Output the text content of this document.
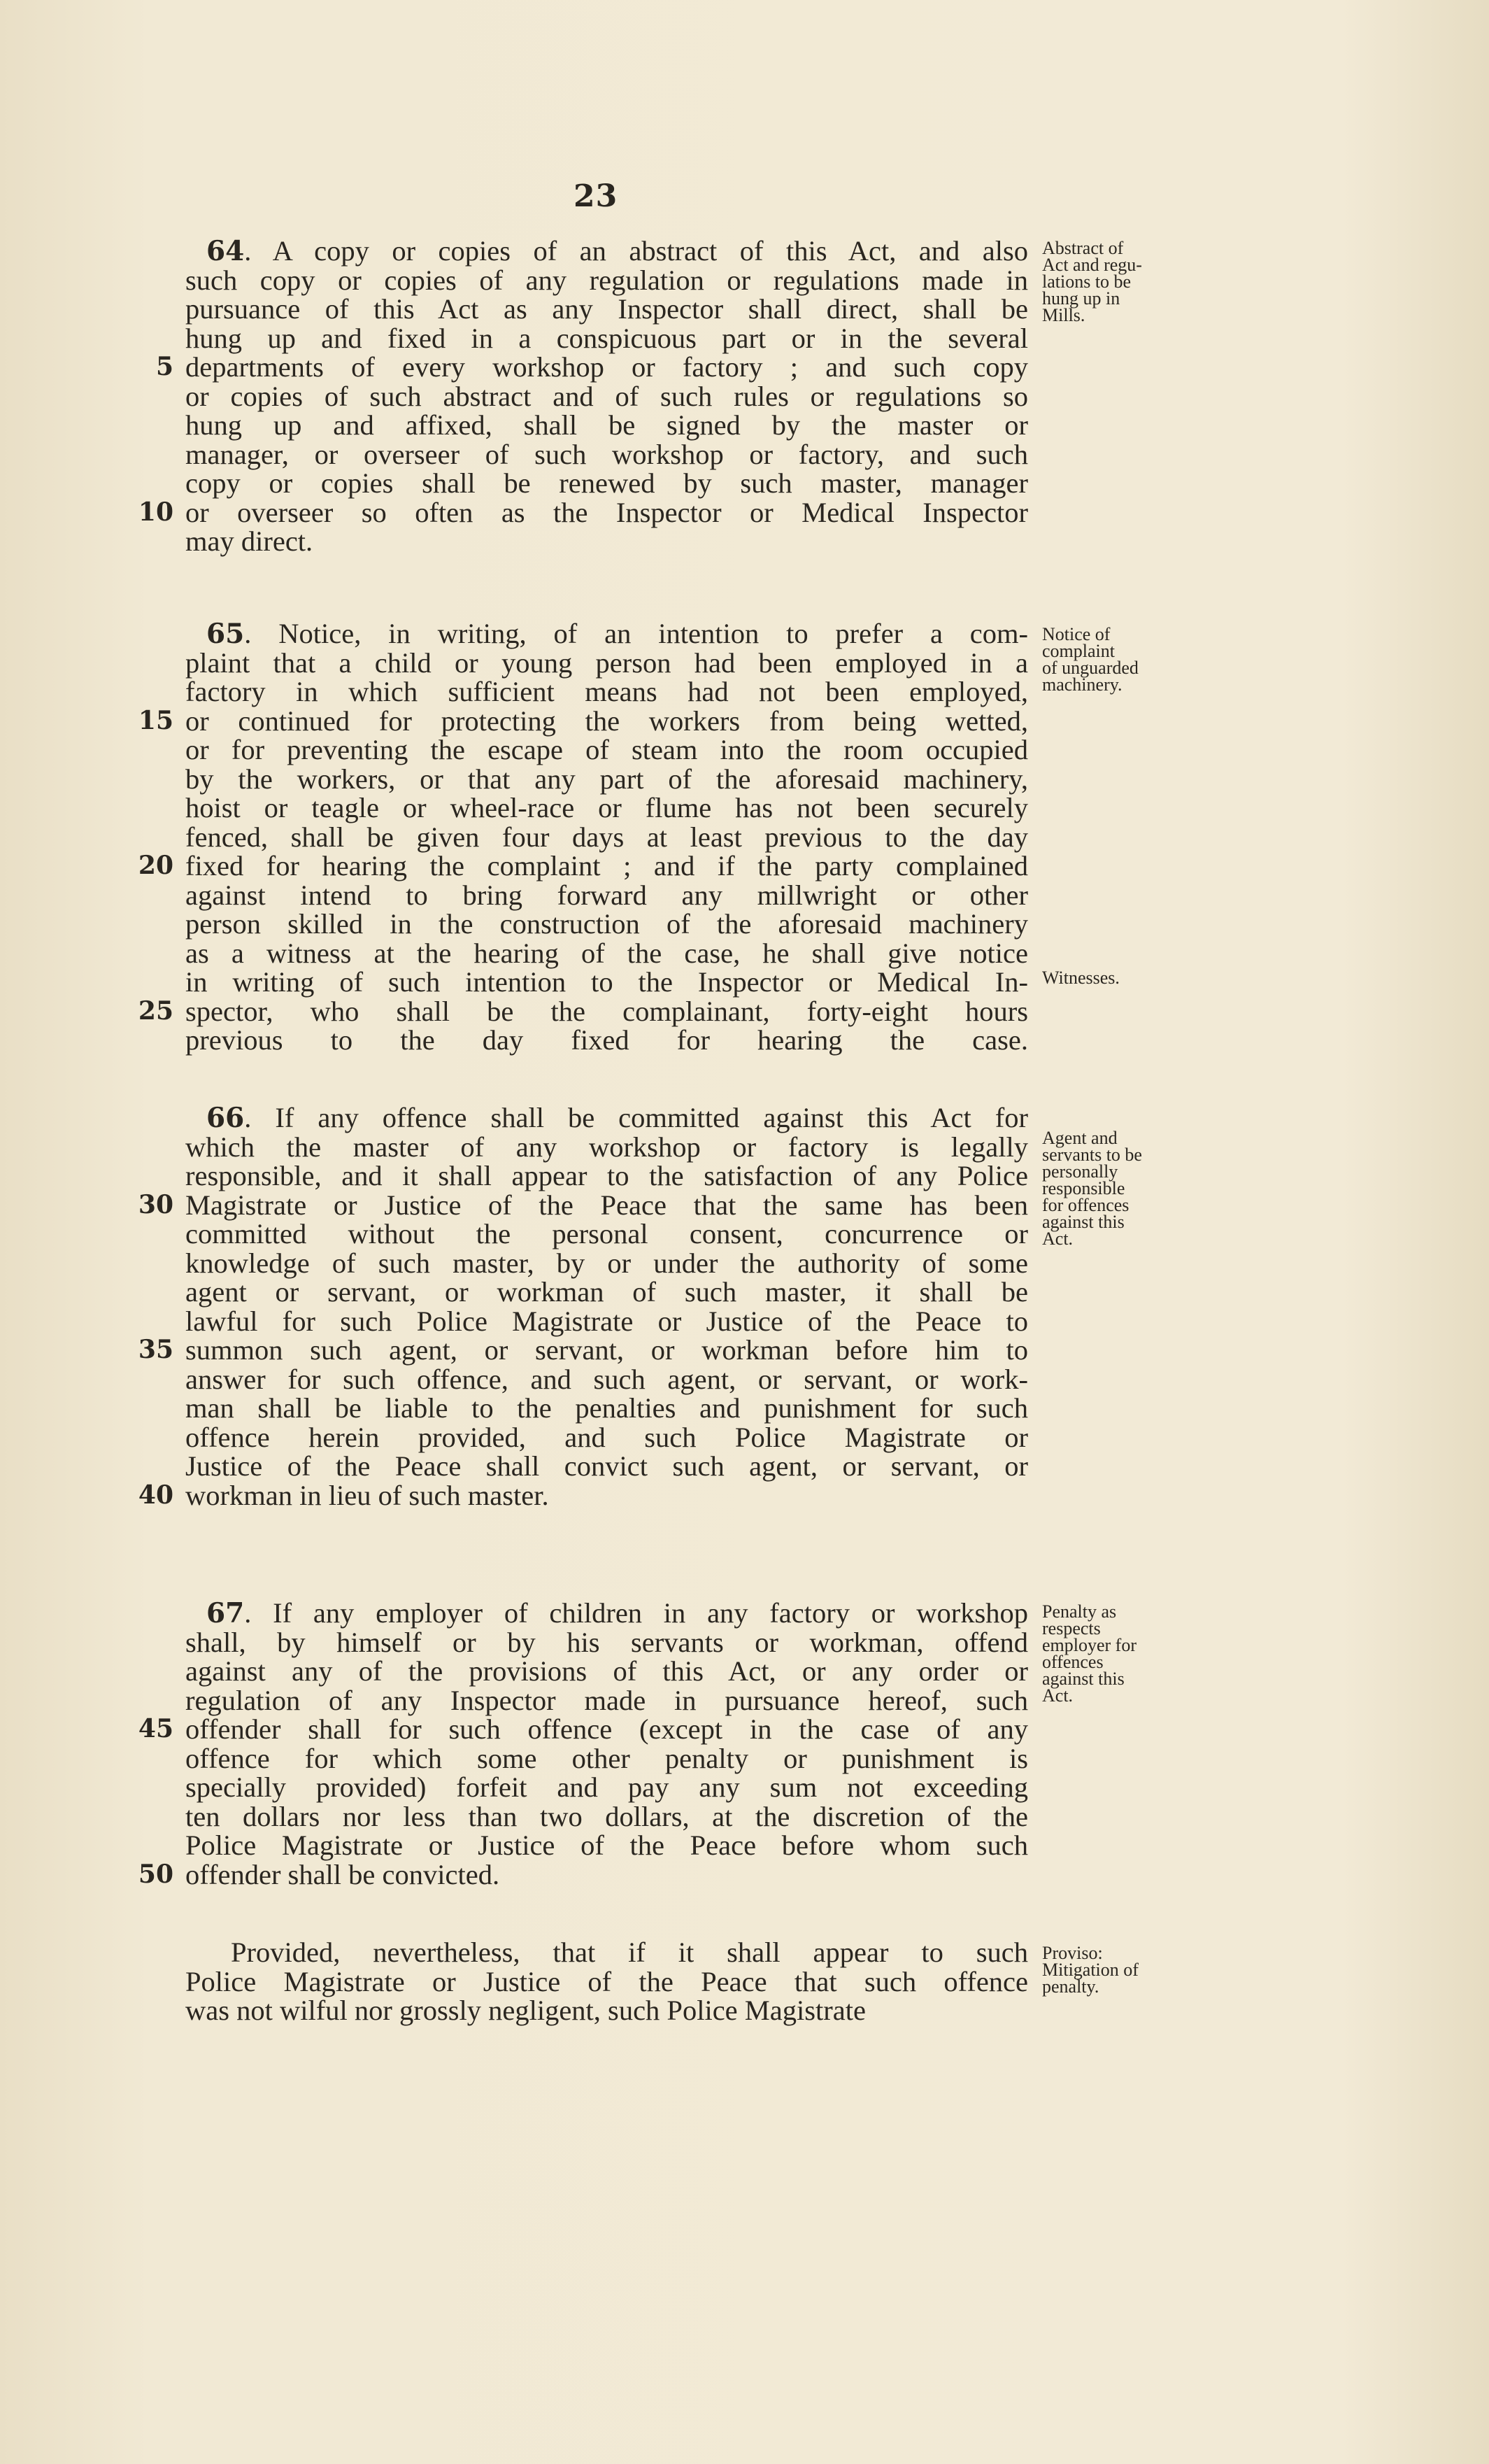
23
64. A copy or copies of an abstract of this Act, and also
such copy or copies of any regulation or regulations made in
pursuance of this Act as any Inspector shall direct, shall be
hung up and fixed in a conspicuous part or in the several
5 departments of every workshop or factory ; and such copy
or copies of such abstract and of such rules or regulations so
hung up and affixed, shall be signed by the master or
manager, or overseer of such workshop or factory, and such
copy or copies shall be renewed by such master, manager
10 or overseer so often as the Inspector or Medical Inspector
may direct.
65. Notice, in writing, of an intention to prefer a com-
plaint that a child or young person had been employed in a
factory in which sufficient means had not been employed,
15 or continued for protecting the workers from being wetted,
or for preventing the escape of steam into the room occupied
by the workers, or that any part of the aforesaid machinery,
hoist or teagle or wheel-race or flume has not been securely
fenced, shall be given four days at least previous to the day
20 fixed for hearing the complaint ; and if the party complained
against intend to bring forward any millwright or other
person skilled in the construction of the aforesaid machinery
as a witness at the hearing of the case, he shall give notice
in writing of such intention to the Inspector or Medical In-
25 spector, who shall be the complainant, forty-eight hours
previous to the day fixed for hearing the case.
66. If any offence shall be committed against this Act for
which the master of any workshop or factory is legally
responsible, and it shall appear to the satisfaction of any Police
30 Magistrate or Justice of the Peace that the same has been
committed without the personal consent, concurrence or
knowledge of such master, by or under the authority of some
agent or servant, or workman of such master, it shall be
lawful for such Police Magistrate or Justice of the Peace to
35 summon such agent, or servant, or workman before him to
answer for such offence, and such agent, or servant, or work-
man shall be liable to the penalties and punishment for such
offence herein provided, and such Police Magistrate or
Justice of the Peace shall convict such agent, or servant, or
40 workman in lieu of such master.
67. If any employer of children in any factory or workshop
shall, by himself or by his servants or workman, offend
against any of the provisions of this Act, or any order or
regulation of any Inspector made in pursuance hereof, such
45 offender shall for such offence (except in the case of any
offence for which some other penalty or punishment is
specially provided) forfeit and pay any sum not exceeding
ten dollars nor less than two dollars, at the discretion of the
Police Magistrate or Justice of the Peace before whom such
50 offender shall be convicted.
Provided, nevertheless, that if it shall appear to such
Police Magistrate or Justice of the Peace that such offence
was not wilful nor grossly negligent, such Police Magistrate
Abstract of
Act and regu-
lations to be
hung up in
Mills.
Notice of
complaint
of unguarded
machinery.
Witnesses.
Agent and
servants to be
personally
responsible
for offences
against this
Act.
Penalty as
respects
employer for
offences
against this
Act.
Proviso:
Mitigation of
penalty.
